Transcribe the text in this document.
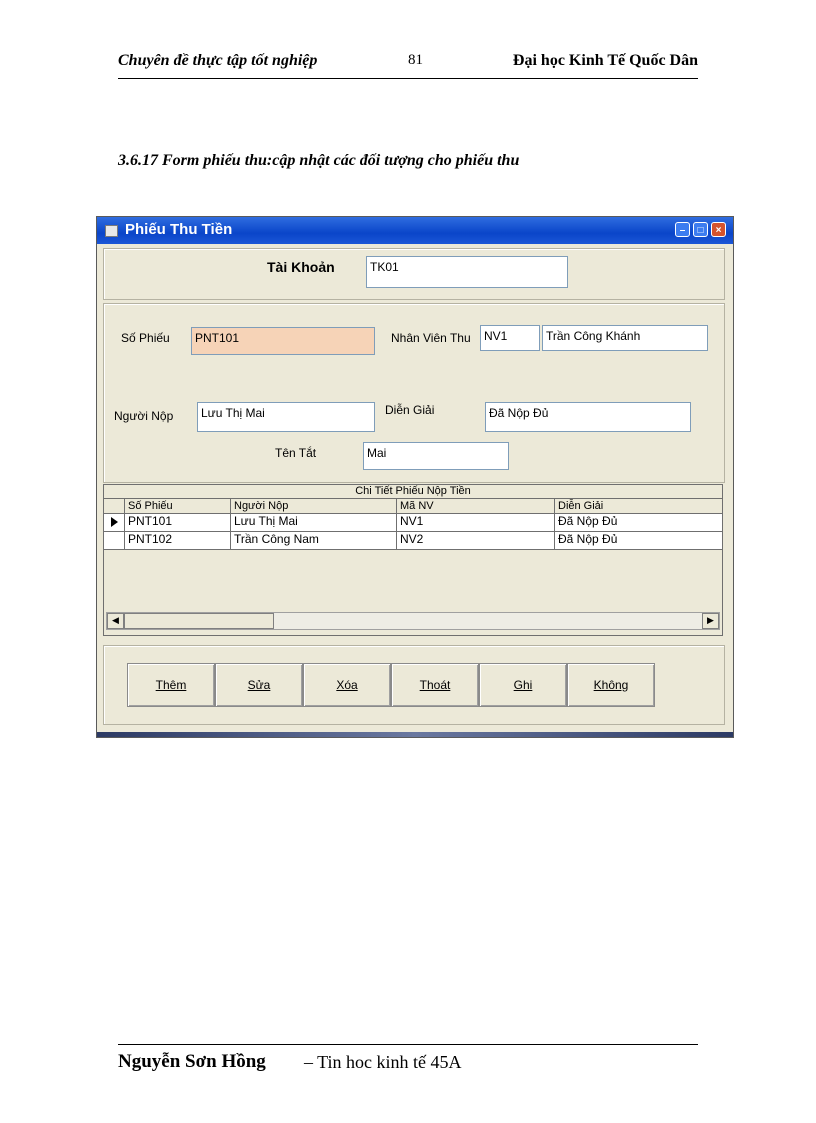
Chuyên đề thực tập tốt nghiệp	81	Đại học Kinh Tế Quốc Dân
3.6.17 Form phiếu thu:cập nhật các đối tượng cho phiếu thu
Phiếu Thu Tiền	–	□	×
Tài Khoản	TK01
Số Phiếu	PNT101	Nhân Viên Thu	NV1	Trần Công Khánh
Người Nộp	Lưu Thị Mai	Diễn Giải	Đã Nộp Đủ
Tên Tắt	Mai
Chi Tiết Phiếu Nộp Tiền
Số Phiếu	Người Nộp	Mã NV	Diễn Giải
PNT101	Lưu Thị Mai	NV1	Đã Nộp Đủ
PNT102	Trần Công Nam	NV2	Đã Nộp Đủ
◀	▶
Thêm	Sửa	Xóa	Thoát	Ghi	Không
Nguyễn Sơn Hồng – Tin hoc kinh tế 45A
